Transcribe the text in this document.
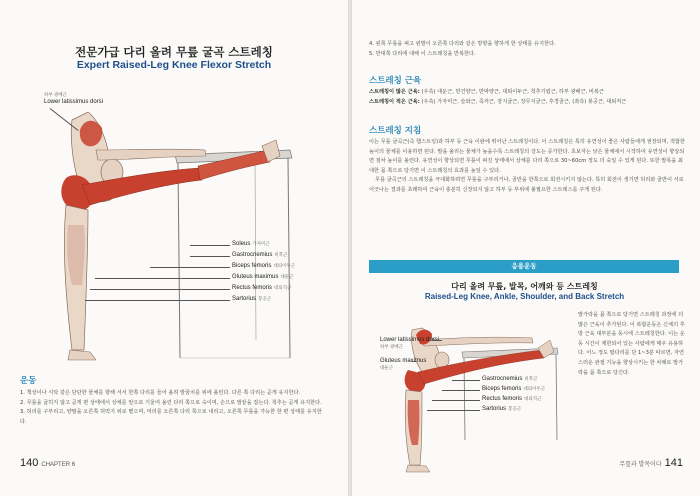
전문가급 다리 올려 무릎 굴곡 스트레칭
Expert Raised-Leg Knee Flexor Stretch
하부 광배근
Lower latissimus dorsi
Soleus 가자미근
Gastrocnemius 비복근
Biceps femoris 대퇴이두근
Gluteus maximus 대둔근
Rectus femoris 대퇴직근
Sartorius 봉공근
운동

1. 책상이나 식탁 같은 단단한 물체를 향해 서서 한쪽 다리를 들어 올려 발꿈치를 위에 올린다. 다른 쪽 다리는 곧게 유지한다.

2. 무릎을 굽히지 않고 곧게 편 상태에서 상체를 앞으로 기울여 올린 다리 쪽으로 숙이며, 손으로 발끝을 잡는다. 척추는 곧게 유지한다.

3. 허리를 구부리고, 양팔을 오른쪽 허벅지 위로 뻗으며, 머리를 오른쪽 다리 쪽으로 내리고, 오른쪽 무릎을 가능한 한 편 상태를 유지한다.

140 CHAPTER 6

4. 왼쪽 무릎을 펴고 왼발이 오른쪽 다리와 같은 방향을 향하게 한 상태를 유지한다.

5. 반대쪽 다리에 대해 이 스트레칭을 반복한다.

스트레칭 근육

스트레칭이 많은 근육: (우측) 대둔근, 반건양근, 반막양근, 대퇴이두근, 척추기립근, 하부 광배근, 비복근

스트레칭이 적은 근육: (우측) 가자미근, 슬와근, 족저근, 장지굴근, 장무지굴근, 후경골근, (좌측) 봉공근, 대퇴직근

스트레칭 지침

이는 무릎 굴곡근(즉 햄스트링)과 하부 등 근육 이완에 뛰어난 스트레칭이다. 이 스트레칭은 특히 유연성이 좋은 사람들에게 권장되며, 적합한 높이의 물체를 이용하면 된다. 발을 올리는 물체가 높을수록 스트레칭의 강도는 증가한다. 초보자는 낮은 물체에서 시작하여 유연성이 향상되면 점차 높이를 올린다. 유연성이 향상되면 무릎이 펴진 상태에서 상체를 다리 쪽으로 30~60cm 정도 더 숙일 수 있게 된다. 또한 발목을 최대한 몸 쪽으로 당기면 이 스트레칭의 효과를 높일 수 있다.

무릎 굴곡근의 스트레칭을 극대화하려면 무릎을 구부리거나, 골반을 한쪽으로 회전시키지 않는다. 특히 회전이 생기면 허리와 골반이 서로 어긋나는 결과를 초래하여 근육이 충분히 신장되지 않고 하부 등 부위에 불필요한 스트레스를 주게 된다.

응용운동
다리 올려 무릎, 발목, 어깨와 등 스트레칭
Raised-Leg Knee, Ankle, Shoulder, and Back Stretch
Lower latissimus dorsi
하부 광배근
Gluteus maximus
대둔근
Gastrocnemius 비복근
Biceps femoris 대퇴이두근
Rectus femoris 대퇴직근
Sartorius 봉공근
발가락을 몸 쪽으로 당기면 스트레칭 과정에 더 많은 근육이 추가된다. 이 복합운동은 신체의 후방 근육 대부분을 동시에 스트레칭한다. 이는 운동 시간이 제한되어 있는 사람에게 매우 유용하다. 어느 정도 팔다리를 단 1~3분 따르면, 자연스러운 관절 기능을 향상시키는 한 차례로 발가락을 몸 쪽으로 당긴다.
무릎과 발목이다 141
